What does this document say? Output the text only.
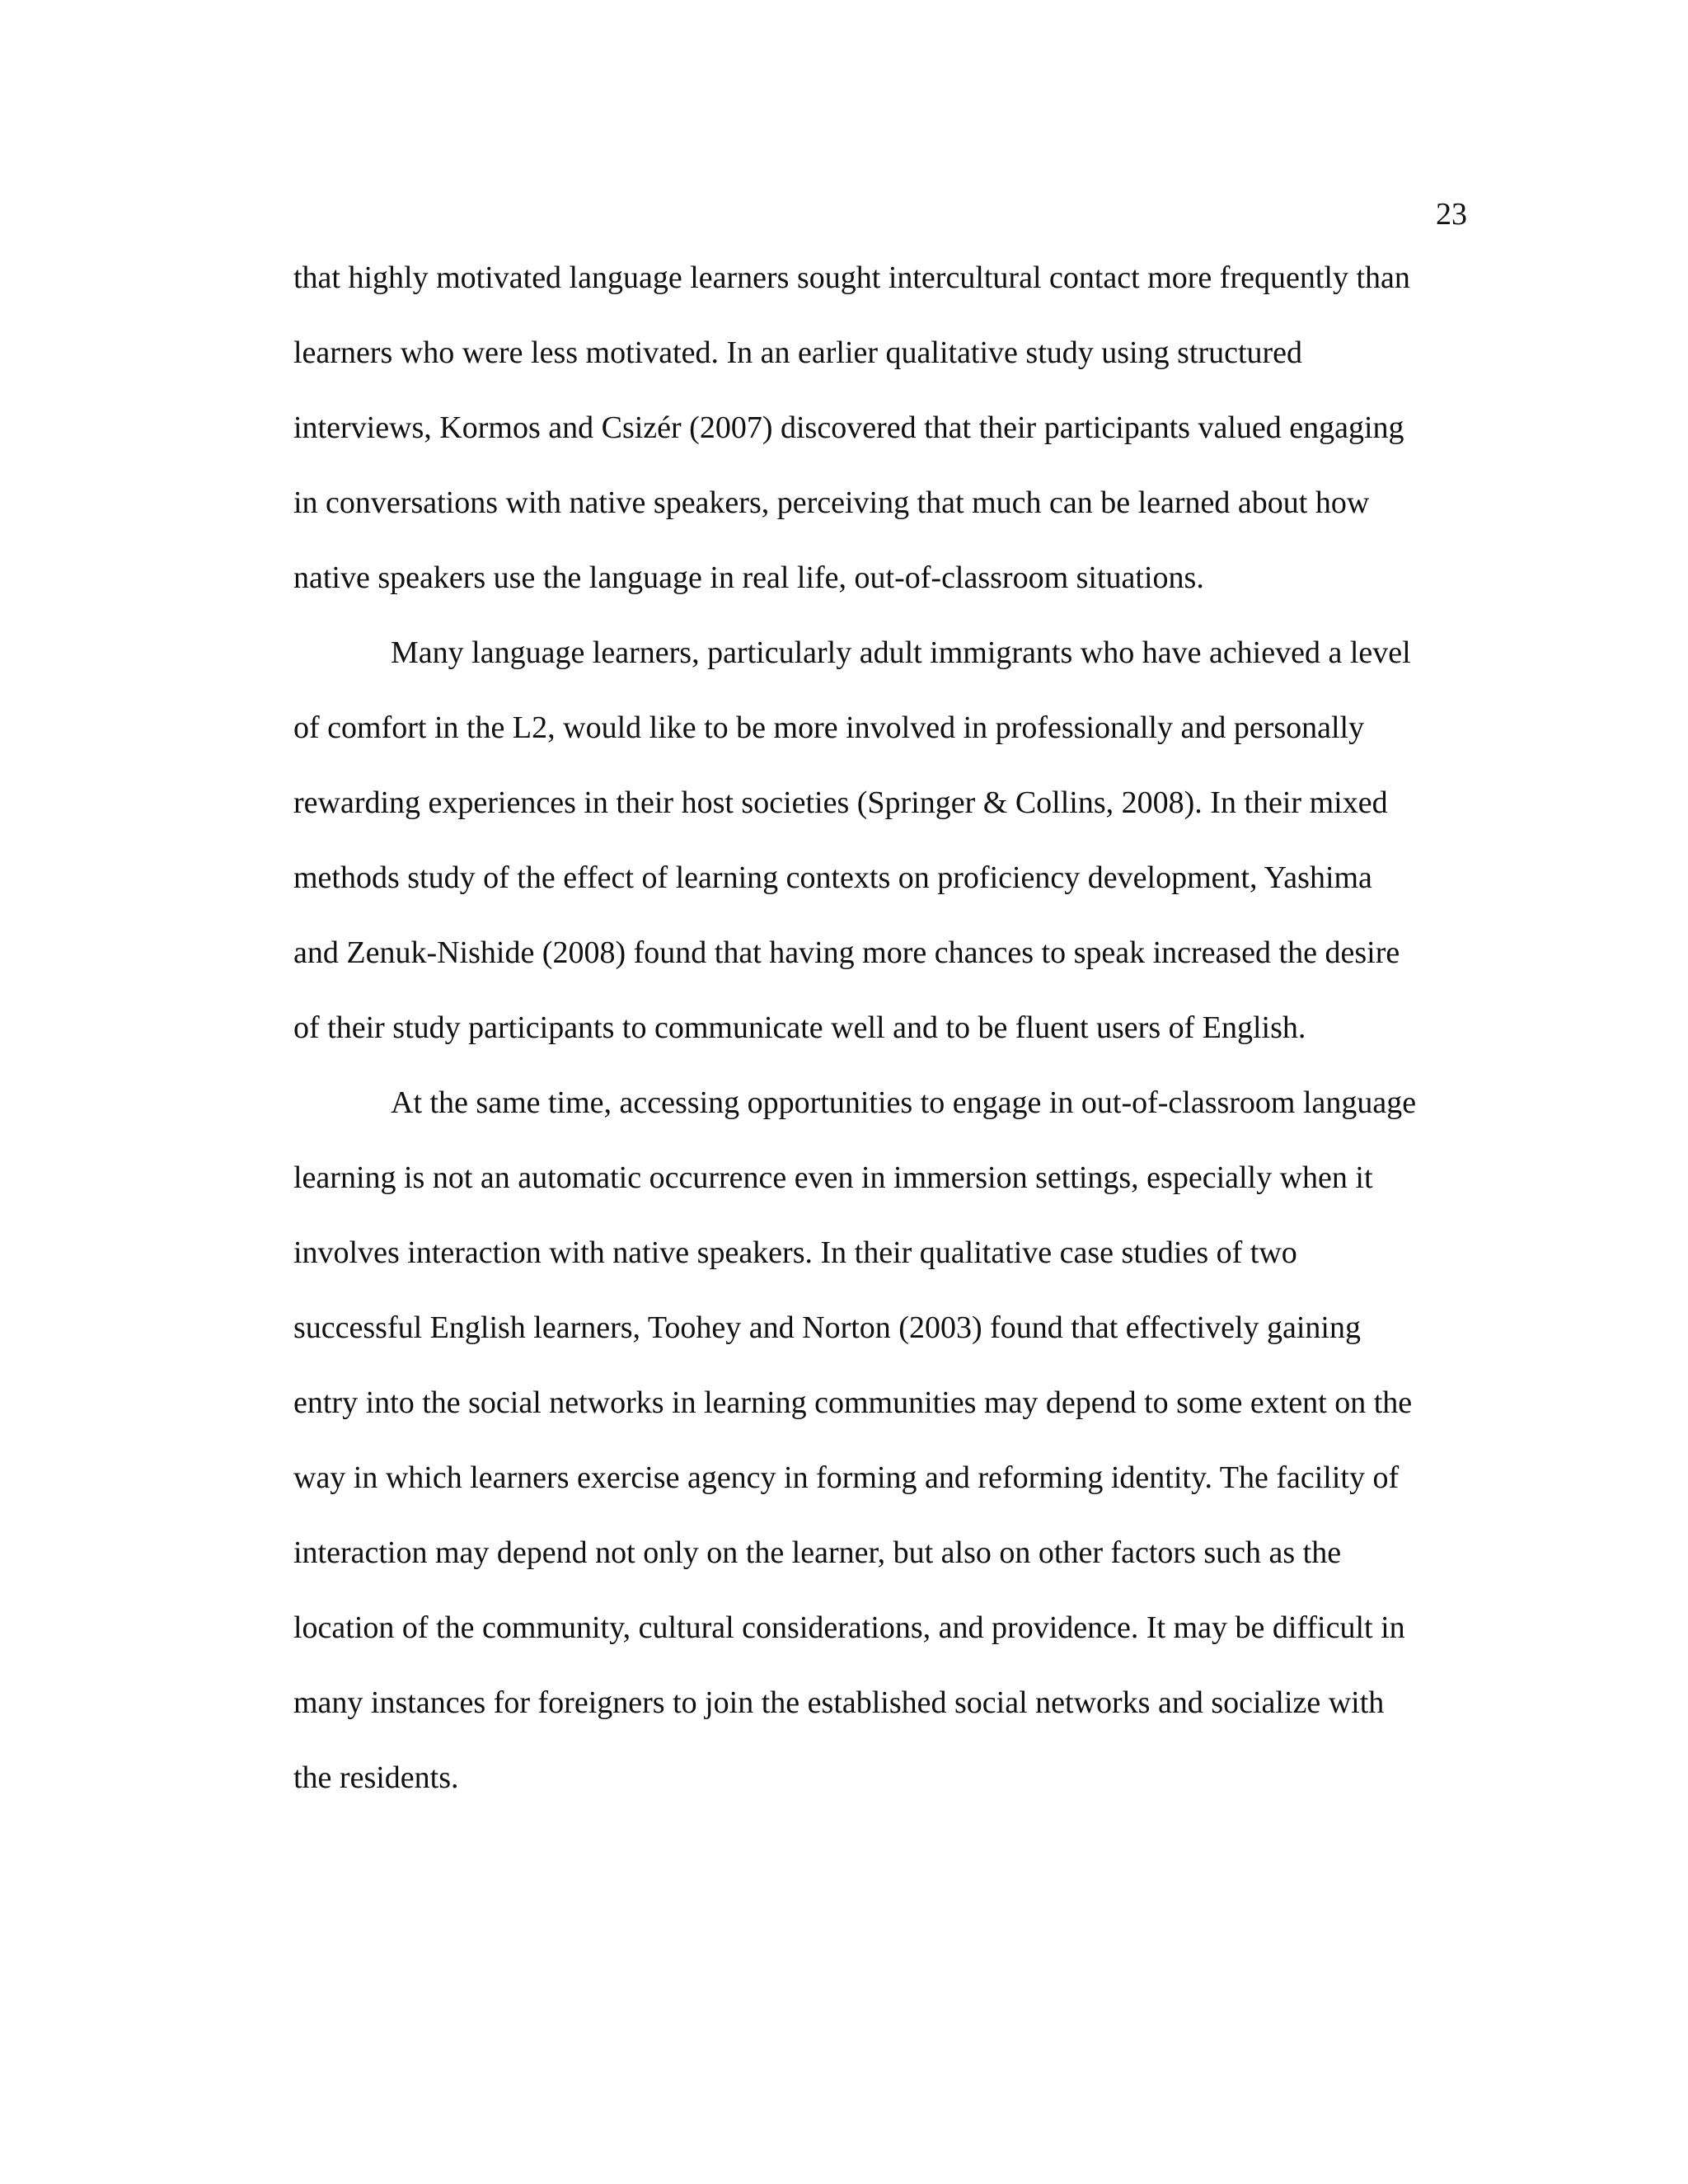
23
that highly motivated language learners sought intercultural contact more frequently than
learners who were less motivated. In an earlier qualitative study using structured
interviews, Kormos and Csizér (2007) discovered that their participants valued engaging
in conversations with native speakers, perceiving that much can be learned about how
native speakers use the language in real life, out-of-classroom situations.
Many language learners, particularly adult immigrants who have achieved a level
of comfort in the L2, would like to be more involved in professionally and personally
rewarding experiences in their host societies (Springer & Collins, 2008). In their mixed
methods study of the effect of learning contexts on proficiency development, Yashima
and Zenuk-Nishide (2008) found that having more chances to speak increased the desire
of their study participants to communicate well and to be fluent users of English.
At the same time, accessing opportunities to engage in out-of-classroom language
learning is not an automatic occurrence even in immersion settings, especially when it
involves interaction with native speakers. In their qualitative case studies of two
successful English learners, Toohey and Norton (2003) found that effectively gaining
entry into the social networks in learning communities may depend to some extent on the
way in which learners exercise agency in forming and reforming identity. The facility of
interaction may depend not only on the learner, but also on other factors such as the
location of the community, cultural considerations, and providence. It may be difficult in
many instances for foreigners to join the established social networks and socialize with
the residents.
